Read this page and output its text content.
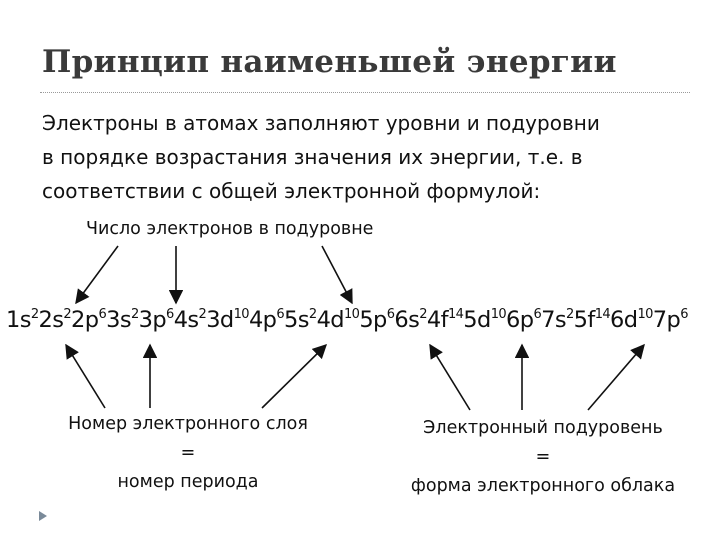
Принцип наименьшей энергии
Электроны в атомах заполняют уровни и подуровни
в порядке возрастания значения их энергии, т.е. в
соответствии с общей электронной формулой:
Число электронов в подуровне
$1s^22s^22p^63s^23p^64s^23d^{10}4p^65s^24d^{10}5p^66s^24f^{14}5d^{10}6p^67s^25f^{14}6d^{10}7p^6$
Номер электронного слоя
=
номер периода
Электронный подуровень
=
форма электронного облака
